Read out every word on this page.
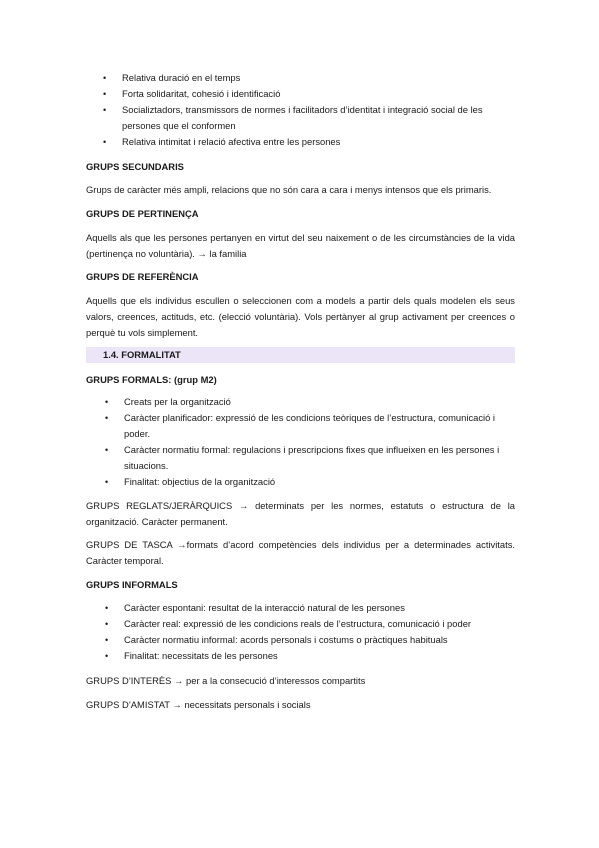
• Relativa duració en el temps
• Forta solidaritat, cohesió i identificació
• Socializtadors, transmissors de normes i facilitadors d’identitat i integració social de les persones que el conformen
• Relativa intimitat i relació afectiva entre les persones
GRUPS SECUNDARIS

Grups de caràcter més ampli, relacions que no són cara a cara i menys intensos que els primaris.

GRUPS DE PERTINENÇA

Aquells als que les persones pertanyen en virtut del seu naixement o de les circumstàncies de la vida (pertinença no voluntària). → la familia

GRUPS DE REFERÈNCIA

Aquells que els individus escullen o seleccionen com a models a partir dels quals modelen els seus valors, creences, actituds, etc. (elecció voluntària). Vols pertànyer al grup activament per creences o perquè tu vols simplement.

1.4. FORMALITAT
GRUPS FORMALS: (grup M2)
• Creats per la organització
• Caràcter planificador: expressió de les condicions teòriques de l’estructura, comunicació i poder.
• Caràcter normatiu formal: regulacions i prescripcions fixes que influeixen en les persones i situacions.
• Finalitat: objectius de la organització

GRUPS REGLATS/JERÀRQUICS → determinats per les normes, estatuts o estructura de la organització. Caràcter permanent.

GRUPS DE TASCA →formats d’acord competències dels individus per a determinades activitats. Caràcter temporal.

GRUPS INFORMALS
• Caràcter espontani: resultat de la interacció natural de les persones
• Caràcter real: expressió de les condicions reals de l’estructura, comunicació i poder
• Caràcter normatiu informal: acords personals i costums o pràctiques habituals
• Finalitat: necessitats de les persones

GRUPS D’INTERÈS → per a la consecució d’interessos compartits

GRUPS D’AMISTAT → necessitats personals i socials
